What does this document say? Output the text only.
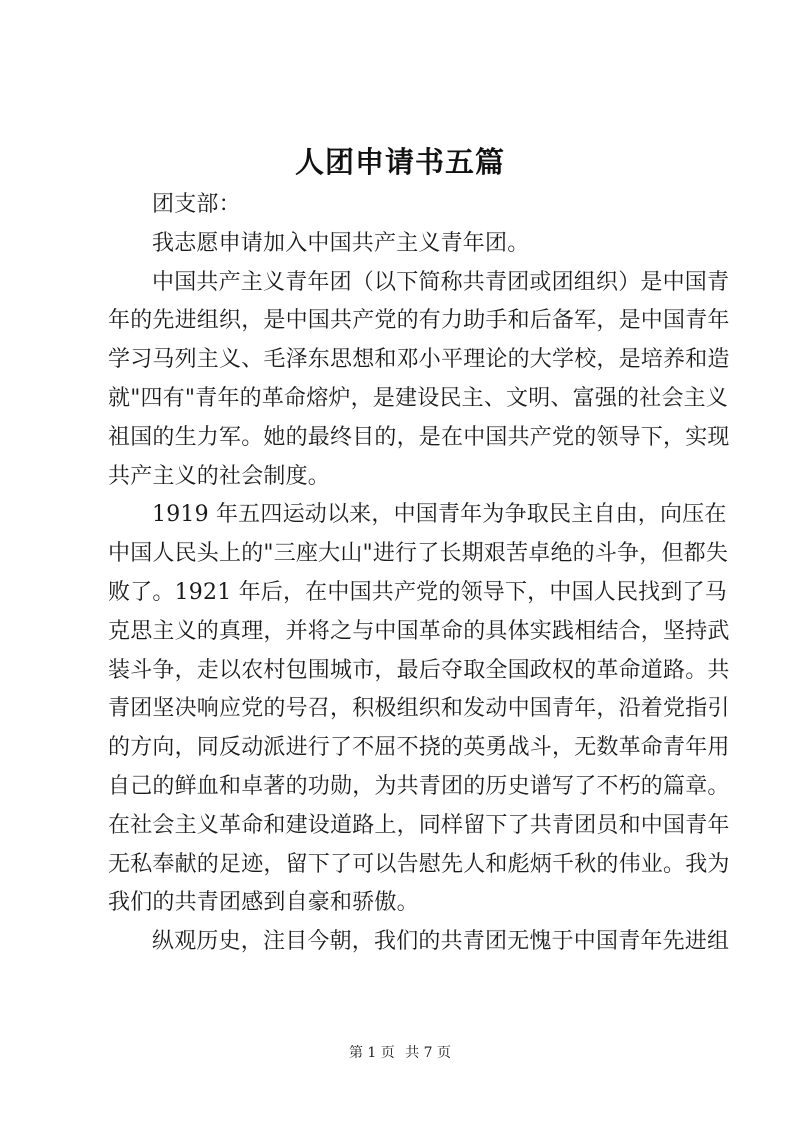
人团申请书五篇
团支部：
我志愿申请加入中国共产主义青年团。
中国共产主义青年团（以下简称共青团或团组织）是中国青
年的先进组织，是中国共产党的有力助手和后备军，是中国青年
学习马列主义、毛泽东思想和邓小平理论的大学校，是培养和造
就"四有"青年的革命熔炉，是建设民主、文明、富强的社会主义
祖国的生力军。她的最终目的，是在中国共产党的领导下，实现
共产主义的社会制度。
1919 年五四运动以来，中国青年为争取民主自由，向压在
中国人民头上的"三座大山"进行了长期艰苦卓绝的斗争，但都失
败了。1921 年后，在中国共产党的领导下，中国人民找到了马
克思主义的真理，并将之与中国革命的具体实践相结合，坚持武
装斗争，走以农村包围城市，最后夺取全国政权的革命道路。共
青团坚决响应党的号召，积极组织和发动中国青年，沿着党指引
的方向，同反动派进行了不屈不挠的英勇战斗，无数革命青年用
自己的鲜血和卓著的功勋，为共青团的历史谱写了不朽的篇章。
在社会主义革命和建设道路上，同样留下了共青团员和中国青年
无私奉献的足迹，留下了可以告慰先人和彪炳千秋的伟业。我为
我们的共青团感到自豪和骄傲。
纵观历史，注目今朝，我们的共青团无愧于中国青年先进组
第 1 页 共 7 页
